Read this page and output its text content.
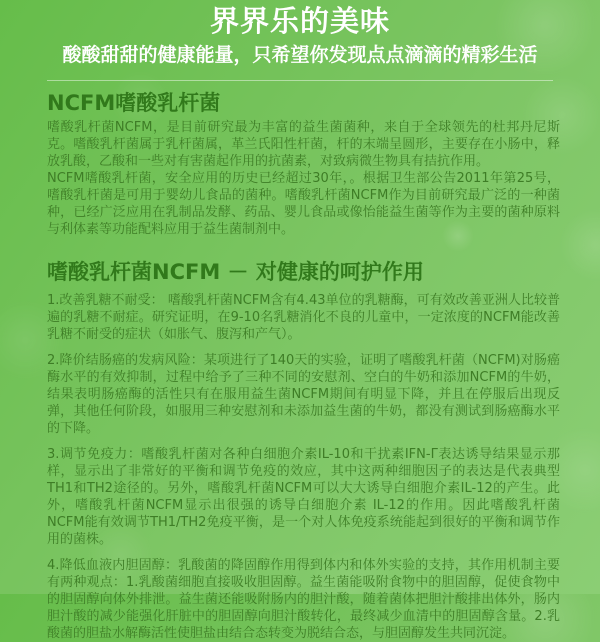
界界乐的美味
酸酸甜甜的健康能量，只希望你发现点点滴滴的精彩生活
NCFM嗜酸乳杆菌

嗜酸乳杆菌NCFM，是目前研究最为丰富的益生菌菌种，来自于全球领先的杜邦丹尼斯克。嗜酸乳杆菌属于乳杆菌属，革兰氏阳性杆菌，杆的末端呈圆形，主要存在小肠中，释放乳酸，乙酸和一些对有害菌起作用的抗菌素，对致病微生物具有拮抗作用。

NCFM嗜酸乳杆菌，安全应用的历史已经超过30年，。根据卫生部公告2011年第25号，嗜酸乳杆菌是可用于婴幼儿食品的菌种。嗜酸乳杆菌NCFM作为目前研究最广泛的一种菌种，已经广泛应用在乳制品发酵、药品、婴儿食品或像怡能益生菌等作为主要的菌种原料与利体素等功能配料应用于益生菌制剂中。

嗜酸乳杆菌NCFM － 对健康的呵护作用

1.改善乳糖不耐受： 嗜酸乳杆菌NCFM含有4.43单位的乳糖酶，可有效改善亚洲人比较普遍的乳糖不耐症。研究证明，在9-10名乳糖消化不良的儿童中，一定浓度的NCFM能改善乳糖不耐受的症状（如胀气、腹泻和产气）。

2.降价结肠癌的发病风险：某项进行了140天的实验，证明了嗜酸乳杆菌（NCFM)对肠癌酶水平的有效抑制，过程中给予了三种不同的安慰剂、空白的牛奶和添加NCFM的牛奶，结果表明肠癌酶的活性只有在服用益生菌NCFM期间有明显下降，并且在停服后出现反弹，其他任何阶段，如服用三种安慰剂和未添加益生菌的牛奶，都没有测试到肠癌酶水平的下降。

3.调节免疫力：嗜酸乳杆菌对各种白细胞介素IL-10和干扰素IFN-Γ表达诱导结果显示那样，显示出了非常好的平衡和调节免疫的效应，其中这两种细胞因子的表达是代表典型TH1和TH2途径的。另外，嗜酸乳杆菌NCFM可以大大诱导白细胞介素IL-12的产生。此外，嗜酸乳杆菌NCFM显示出很强的诱导白细胞介素 IL-12的作用。因此嗜酸乳杆菌NCFM能有效调节TH1/TH2免疫平衡，是一个对人体免疫系统能起到很好的平衡和调节作用的菌株。

4.降低血液内胆固醇：乳酸菌的降固醇作用得到体内和体外实验的支持，其作用机制主要有两种观点：1.乳酸菌细胞直接吸收胆固醇。益生菌能吸附食物中的胆固醇，促使食物中的胆固醇向体外排泄。益生菌还能吸附肠内的胆汁酸，随着菌体把胆汁酸排出体外，肠内胆汁酸的减少能强化肝脏中的胆固醇向胆汁酸转化，最终减少血清中的胆固醇含量。2.乳酸菌的胆盐水解酶活性使胆盐由结合态转变为脱结合态，与胆固醇发生共同沉淀。
